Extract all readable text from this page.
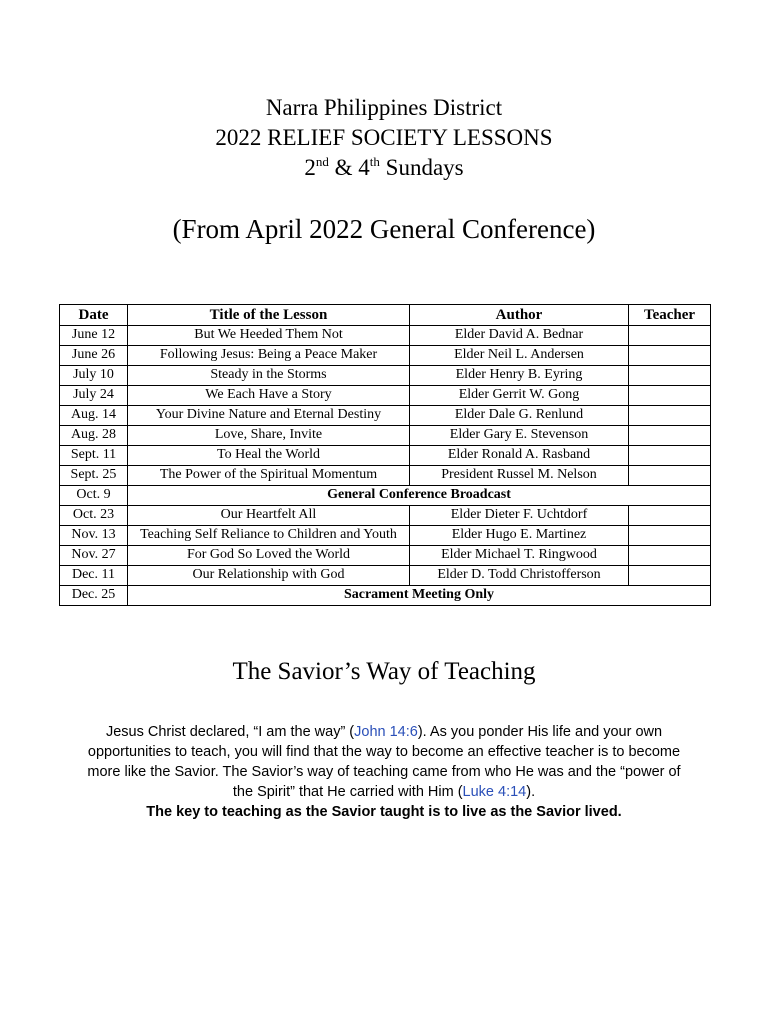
Narra Philippines District
2022 RELIEF SOCIETY LESSONS
2nd & 4th Sundays
(From April 2022 General Conference)
Date	Title of the Lesson	Author	Teacher
June 12	But We Heeded Them Not	Elder David A. Bednar	
June 26	Following Jesus: Being a Peace Maker	Elder Neil L. Andersen	
July 10	Steady in the Storms	Elder Henry B. Eyring	
July 24	We Each Have a Story	Elder Gerrit W. Gong	
Aug. 14	Your Divine Nature and Eternal Destiny	Elder Dale G. Renlund	
Aug. 28	Love, Share, Invite	Elder Gary E. Stevenson	
Sept. 11	To Heal the World	Elder Ronald A. Rasband	
Sept. 25	The Power of the Spiritual Momentum	President Russel M. Nelson	
Oct. 9	General Conference Broadcast		
Oct. 23	Our Heartfelt All	Elder Dieter F. Uchtdorf	
Nov. 13	Teaching Self Reliance to Children and Youth	Elder Hugo E. Martinez	
Nov. 27	For God So Loved the World	Elder Michael T. Ringwood	
Dec. 11	Our Relationship with God	Elder D. Todd Christofferson	
Dec. 25	Sacrament Meeting Only		
The Savior’s Way of Teaching
Jesus Christ declared, “I am the way” (John 14:6). As you ponder His life and your own opportunities to teach, you will find that the way to become an effective teacher is to become more like the Savior. The Savior’s way of teaching came from who He was and the “power of the Spirit” that He carried with Him (Luke 4:14).
The key to teaching as the Savior taught is to live as the Savior lived.
